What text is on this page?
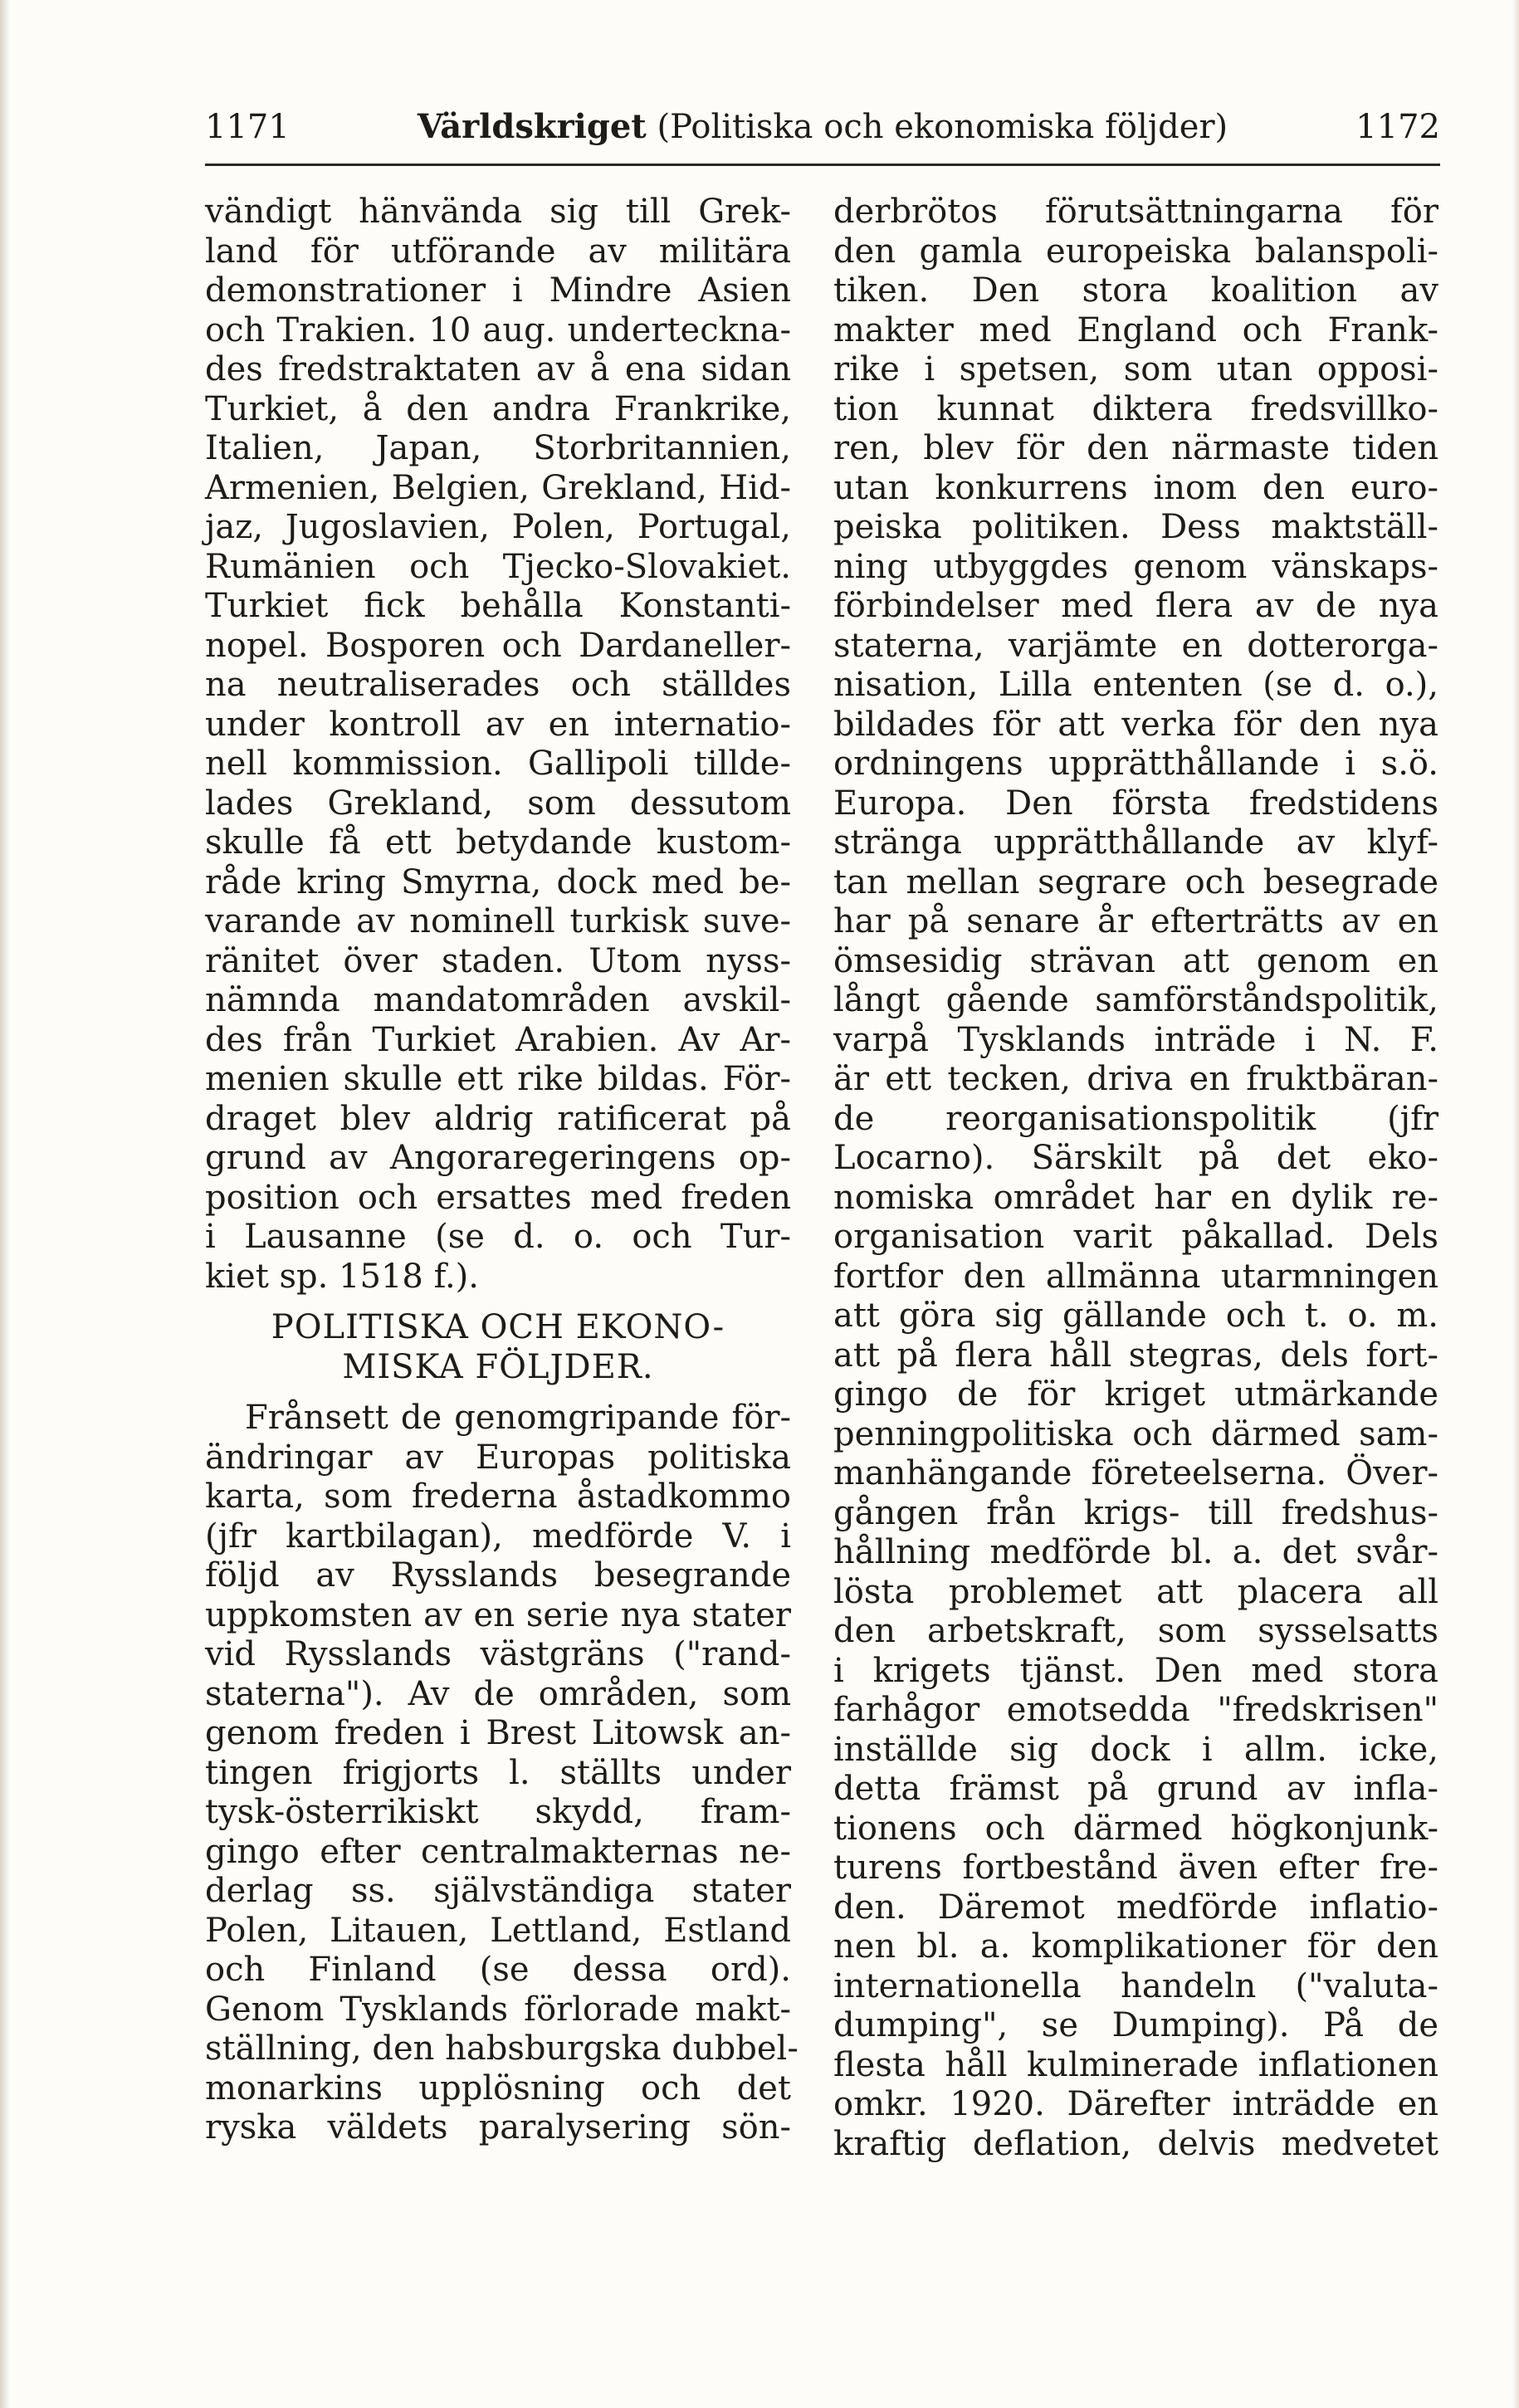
1171	Världskriget (Politiska och ekonomiska följder)	1172
vändigt hänvända sig till Grek-
land för utförande av militära
demonstrationer i Mindre Asien
och Trakien. 10 aug. underteckna-
des fredstraktaten av å ena sidan
Turkiet, å den andra Frankrike,
Italien, Japan, Storbritannien,
Armenien, Belgien, Grekland, Hid-
jaz, Jugoslavien, Polen, Portugal,
Rumänien och Tjecko-Slovakiet.
Turkiet fick behålla Konstanti-
nopel. Bosporen och Dardaneller-
na neutraliserades och ställdes
under kontroll av en internatio-
nell kommission. Gallipoli tillde-
lades Grekland, som dessutom
skulle få ett betydande kustom-
råde kring Smyrna, dock med be-
varande av nominell turkisk suve-
ränitet över staden. Utom nyss-
nämnda mandatområden avskil-
des från Turkiet Arabien. Av Ar-
menien skulle ett rike bildas. För-
draget blev aldrig ratificerat på
grund av Angoraregeringens op-
position och ersattes med freden
i Lausanne (se d. o. och Tur-
kiet sp. 1518 f.).
POLITISKA OCH EKONO-
MISKA FÖLJDER.
Frånsett de genomgripande för-
ändringar av Europas politiska
karta, som frederna åstadkommo
(jfr kartbilagan), medförde V. i
följd av Rysslands besegrande
uppkomsten av en serie nya stater
vid Rysslands västgräns ("rand-
staterna"). Av de områden, som
genom freden i Brest Litowsk an-
tingen frigjorts l. ställts under
tysk-österrikiskt skydd, fram-
gingo efter centralmakternas ne-
derlag ss. självständiga stater
Polen, Litauen, Lettland, Estland
och Finland (se dessa ord).
Genom Tysklands förlorade makt-
ställning, den habsburgska dubbel-
monarkins upplösning och det
ryska väldets paralysering sön-
derbrötos förutsättningarna för
den gamla europeiska balanspoli-
tiken. Den stora koalition av
makter med England och Frank-
rike i spetsen, som utan opposi-
tion kunnat diktera fredsvillko-
ren, blev för den närmaste tiden
utan konkurrens inom den euro-
peiska politiken. Dess maktställ-
ning utbyggdes genom vänskaps-
förbindelser med flera av de nya
staterna, varjämte en dotterorga-
nisation, Lilla ententen (se d. o.),
bildades för att verka för den nya
ordningens upprätthållande i s.ö.
Europa. Den första fredstidens
stränga upprätthållande av klyf-
tan mellan segrare och besegrade
har på senare år efterträtts av en
ömsesidig strävan att genom en
långt gående samförståndspolitik,
varpå Tysklands inträde i N. F.
är ett tecken, driva en fruktbäran-
de reorganisationspolitik (jfr
Locarno). Särskilt på det eko-
nomiska området har en dylik re-
organisation varit påkallad. Dels
fortfor den allmänna utarmningen
att göra sig gällande och t. o. m.
att på flera håll stegras, dels fort-
gingo de för kriget utmärkande
penningpolitiska och därmed sam-
manhängande företeelserna. Över-
gången från krigs- till fredshus-
hållning medförde bl. a. det svår-
lösta problemet att placera all
den arbetskraft, som sysselsatts
i krigets tjänst. Den med stora
farhågor emotsedda "fredskrisen"
inställde sig dock i allm. icke,
detta främst på grund av infla-
tionens och därmed högkonjunk-
turens fortbestånd även efter fre-
den. Däremot medförde inflatio-
nen bl. a. komplikationer för den
internationella handeln ("valuta-
dumping", se Dumping). På de
flesta håll kulminerade inflationen
omkr. 1920. Därefter inträdde en
kraftig deflation, delvis medvetet
